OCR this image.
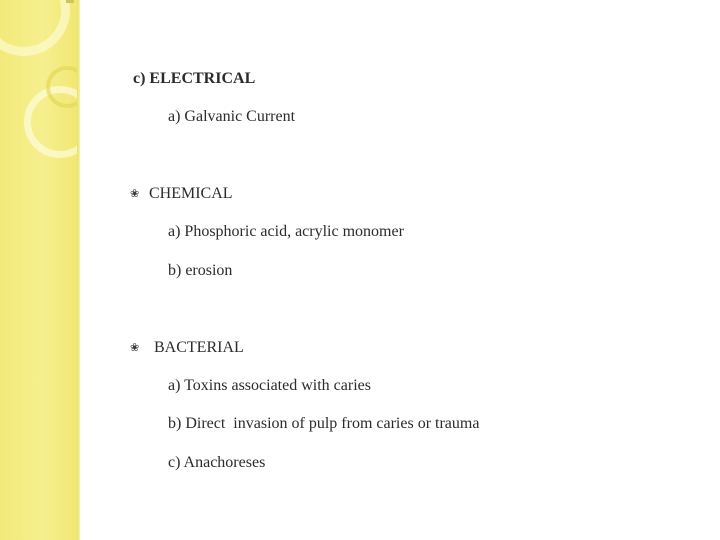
c) ELECTRICAL
a) Galvanic Current
❀ CHEMICAL
a) Phosphoric acid, acrylic monomer
b) erosion
❀ BACTERIAL
a) Toxins associated with caries
b) Direct  invasion of pulp from caries or trauma
c) Anachoreses
